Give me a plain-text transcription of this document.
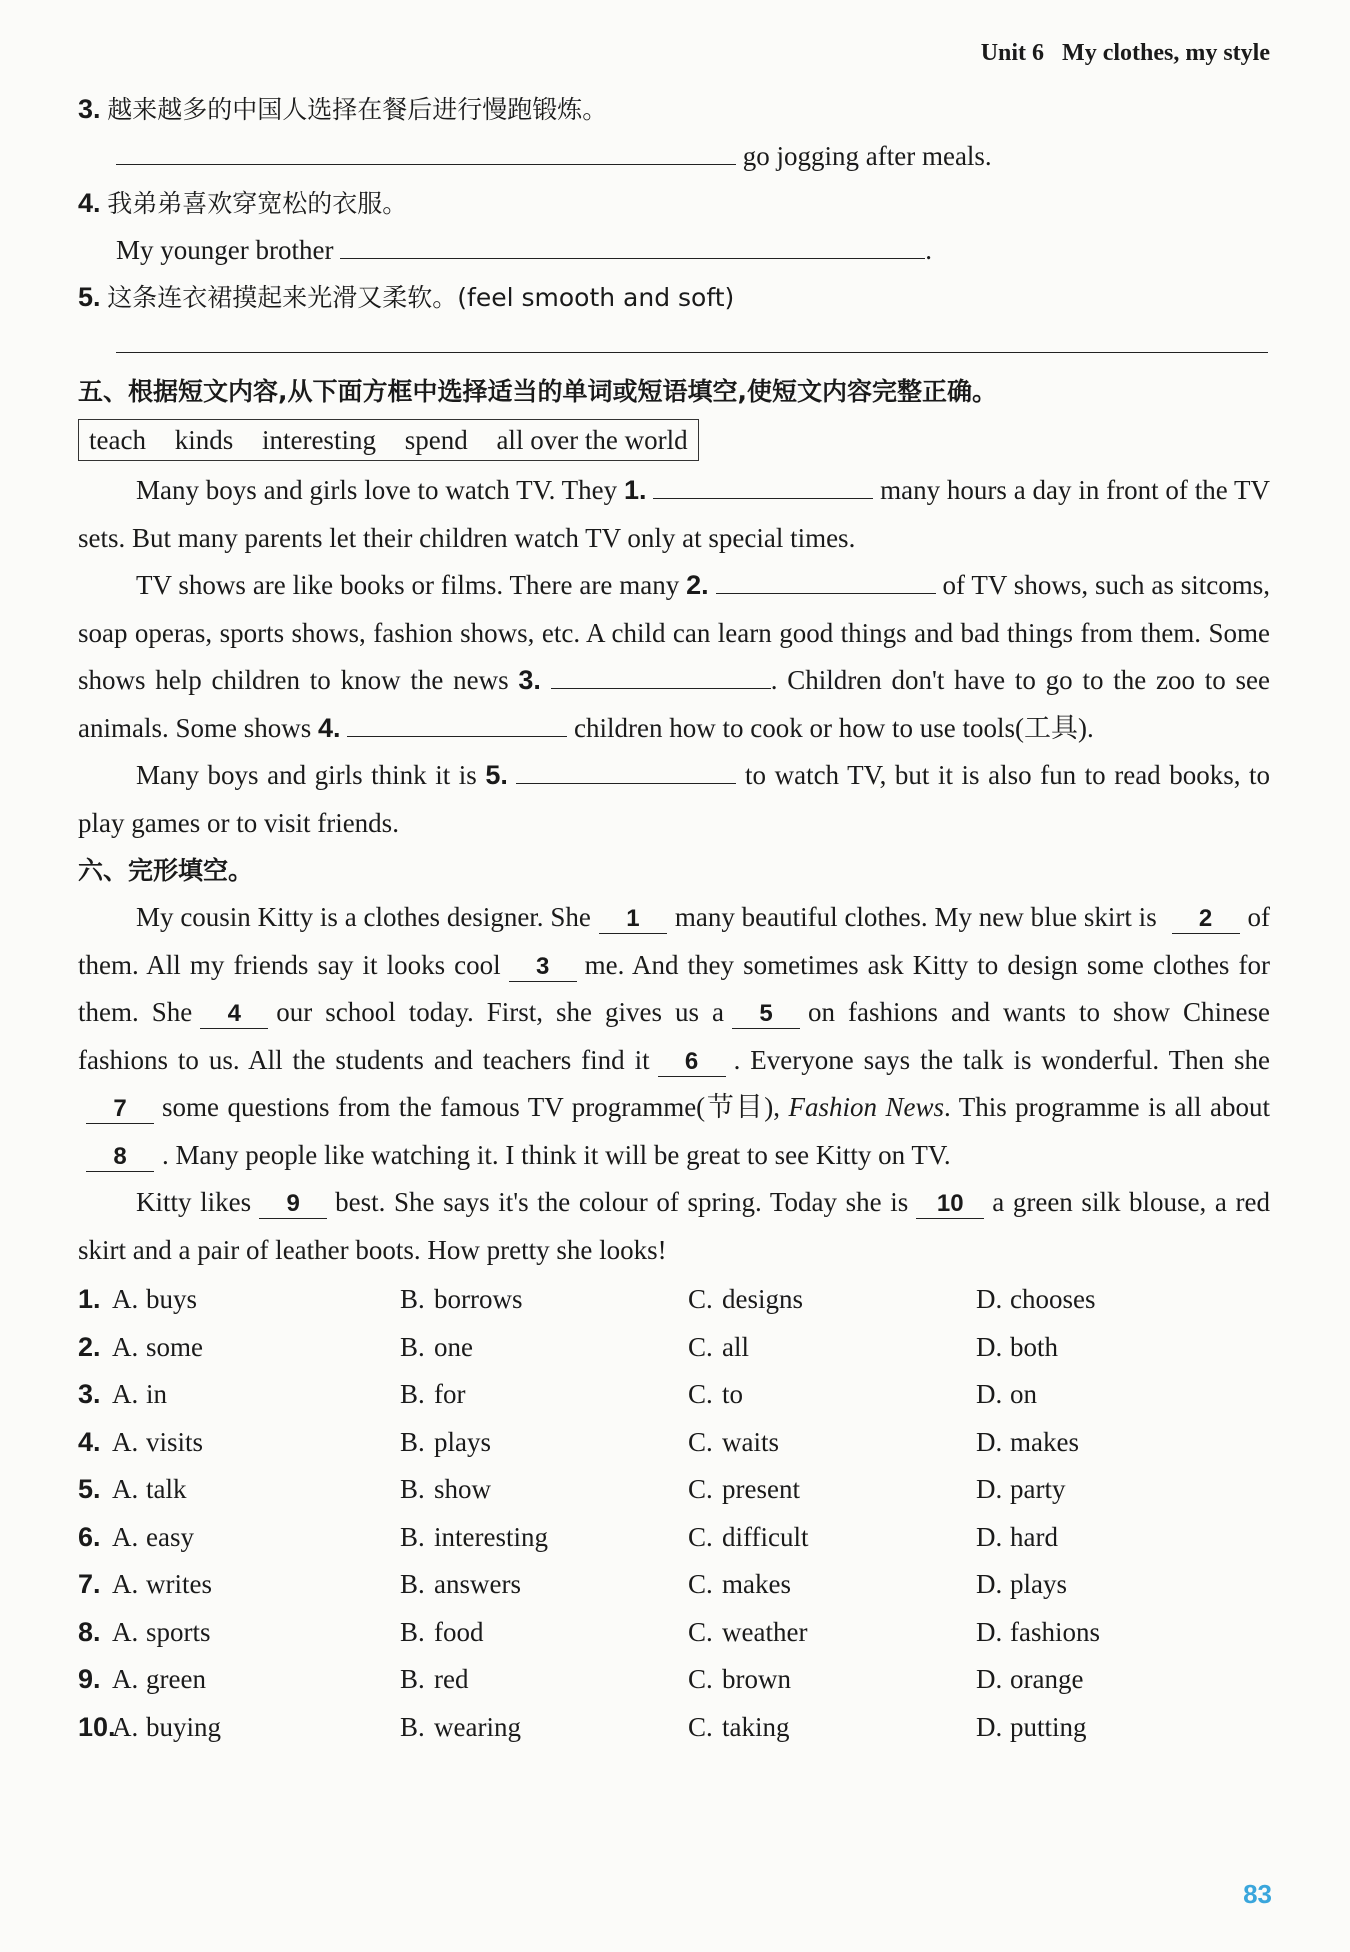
Unit 6 My clothes, my style
3. 越来越多的中国人选择在餐后进行慢跑锻炼。
go jogging after meals.
4. 我弟弟喜欢穿宽松的衣服。
My younger brother	.
5. 这条连衣裙摸起来光滑又柔软。(feel smooth and soft)
五、根据短文内容,从下面方框中选择适当的单词或短语填空,使短文内容完整正确。
teach kinds interesting spend all over the world

Many boys and girls love to watch TV. They 1.	many hours a day in front of the TV sets. But many parents let their children watch TV only at special times.

TV shows are like books or films. There are many 2.	of TV shows, such as sitcoms, soap operas, sports shows, fashion shows, etc. A child can learn good things and bad things from them. Some shows help children to know the news 3.	. Children don't have to go to the zoo to see animals. Some shows 4.	children how to cook or how to use tools(工具).

Many boys and girls think it is 5.	to watch TV, but it is also fun to read books, to play games or to visit friends.

六、完形填空。

My cousin Kitty is a clothes designer. She 1 many beautiful clothes. My new blue skirt is 2 of them. All my friends say it looks cool 3 me. And they sometimes ask Kitty to design some clothes for them. She 4 our school today. First, she gives us a 5 on fashions and wants to show Chinese fashions to us. All the students and teachers find it 6 . Everyone says the talk is wonderful. Then she7 some questions from the famous TV programme(节目), Fashion News. This programme is all about8 . Many people like watching it. I think it will be great to see Kitty on TV.

Kitty likes 9 best. She says it's the colour of spring. Today she is 10 a green silk blouse, a red skirt and a pair of leather boots. How pretty she looks!

1. A. buys	B. borrows	C. designs	D. chooses
2. A. some	B. one	C. all	D. both
3. A. in	B. for	C. to	D. on
4. A. visits	B. plays	C. waits	D. makes
5. A. talk	B. show	C. present	D. party
6. A. easy	B. interesting	C. difficult	D. hard
7. A. writes	B. answers	C. makes	D. plays
8. A. sports	B. food	C. weather	D. fashions
9. A. green	B. red	C. brown	D. orange
10.
A. buying	B. wearing	C. taking	D. putting
83
